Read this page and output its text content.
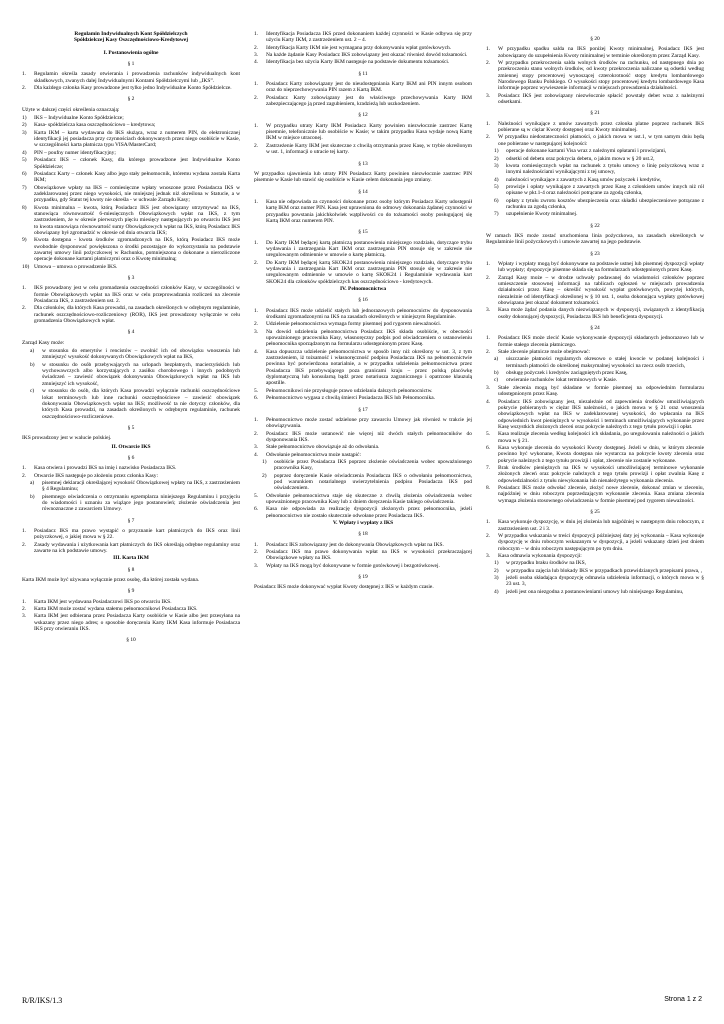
Regulamin Indywidualnych Kont Spółdzielczych
Spółdzielczej Kasy Oszczędnościowo-Kredytowej
I. Postanowienia ogólne
§ 1
1. Regulamin określa zasady otwierania i prowadzenia rachunków indywidualnych kont składkowych, zwanych dalej Indywidualnymi Kontami Spółdzielczymi lub „IKS”.
2. Dla każdego członka Kasy prowadzone jest tylko jedno Indywidualne Konto Spółdzielcze.
§ 2
Użyte w dalszej części określenia oznaczają:
1) IKS – Indywidualne Konto Spółdzielcze;
2) Kasa- spółdzielcza kasa oszczędnościowo – kredytowa;
3) Karta IKM – karta wydawana do IKS służąca, wraz z numerem PIN, do elektronicznej identyfikacji jej posiadacza przy czynnościach dokonywanych przez niego osobiście w Kasie, w szczególności karta płatnicza typu VISA/MasterCard;
4) PIN – poufny numer identyfikacyjny;
5) Posiadacz IKS – członek Kasy, dla którego prowadzone jest Indywidualne Konto Spółdzielcze;
6) Posiadacz Karty – członek Kasy albo jego stały pełnomocnik, któremu wydana została Karta IKM;
7) Obowiązkowe wpłaty na IKS – comiesięczne wpłaty wnoszone przez Posiadacza IKS w zadeklarowanej przez niego wysokości, nie mniejszej jednak niż określona w Statucie, a w przypadku, gdy Statut tej kwoty nie określa - w uchwale Zarządu Kasy;
8) Kwota minimalna – kwota, którą Posiadacz IKS jest obowiązany utrzymywać na IKS, stanowiąca równowartość 6-miesięcznych Obowiązkowych wpłat na IKS, z tym zastrzeżeniem, że w okresie pierwszych pięciu miesięcy następujących po otwarciu IKS jest to kwota stanowiąca równowartość sumy Obowiązkowych wpłat na IKS, którą Posiadacz IKS obowiązany był zgromadzić w okresie od dnia otwarcia IKS;
9) Kwota dostępna - kwota środków zgromadzonych na IKS, którą Posiadacz IKS może swobodnie dysponować powiększona o środki pozostające do wykorzystania na podstawie zawartej umowy linii pożyczkowej w Rachunku, pomniejszona o dokonane a nierozliczone operacje dokonane kartami płatniczymi oraz o Kwotę minimalną;
10) Umowa – umowa o prowadzenie IKS.
§ 3
1. IKS prowadzony jest w celu gromadzenia oszczędności członków Kasy, w szczególności w formie Obowiązkowych wpłat na IKS oraz w celu przeprowadzania rozliczeń na zlecenie Posiadacza IKS, z zastrzeżeniem ust. 2.
2. Dla członków, dla których Kasa prowadzi, na zasadach określonych w odrębnym regulaminie, rachunek oszczędnościowo-rozliczeniowy (ROR), IKS jest prowadzony wyłącznie w celu gromadzenia Obowiązkowych wpłat.
§ 4
Zarząd Kasy może:
a) w stosunku do emerytów i rencistów – zwolnić ich od obowiązku wnoszenia lub zmniejszyć wysokość dokonywanych Obowiązkowych wpłat na IKS,
b) w stosunku do osób przebywających na urlopach bezpłatnych, macierzyńskich lub wychowawczych albo korzystających z zasiłku chorobowego i innych podobnych świadczeń – zawiesić obowiązek dokonywania Obowiązkowych wpłat na IKS lub zmniejszyć ich wysokość,
c) w stosunku do osób, dla których Kasa prowadzi wyłącznie rachunki oszczędnościowe lokat terminowych lub inne rachunki oszczędnościowe – zawiesić obowiązek dokonywania Obowiązkowych wpłat na IKS; możliwość ta nie dotyczy członków, dla których Kasa prowadzi, na zasadach określonych w odrębnym regulaminie, rachunek oszczędnościowo-rozliczeniowe.
§ 5
IKS prowadzony jest w walucie polskiej.
II. Otwarcie IKS
§ 6
1. Kasa otwiera i prowadzi IKS na imię i nazwisko Posiadacza IKS.
2. Otwarcie IKS następuje po złożeniu przez członka Kasy:
a) pisemnej deklaracji określającej wysokość Obowiązkowej wpłaty na IKS, z zastrzeżeniem § 4 Regulaminu;
b) pisemnego oświadczenia o otrzymaniu egzemplarza niniejszego Regulaminu i przyjęciu do wiadomości i uznaniu za wiążące jego postanowień; złożenie oświadczenia jest równoznaczne z zawarciem Umowy.
§ 7
1. Posiadacz IKS ma prawo wystąpić o przyznanie kart płatniczych do IKS oraz linii pożyczkowej, o jakiej mowa w § 22.
2. Zasady wydawania i użytkowania kart płatniczych do IKS określają odrębne regulaminy oraz zawarte na ich podstawie umowy.
III. Karta IKM
§ 8
Karta IKM może być używana wyłącznie przez osobę, dla której została wydana.
§ 9
1. Karta IKM jest wydawana Posiadaczowi IKS po otwarciu IKS.
2. Karta IKM może zostać wydana stałemu pełnomocnikowi Posiadacza IKS.
3. Karta IKM jest odbierana przez Posiadacza Karty osobiście w Kasie albo jest przesyłana na wskazany przez niego adres; o sposobie doręczenia Karty IKM Kasa informuje Posiadacza IKS przy otwieraniu IKS.
§ 10
1. Identyfikacja Posiadacza IKS przed dokonaniem każdej czynności w Kasie odbywa się przy użyciu Karty IKM, z zastrzeżeniem ust. 2 – 4.
2. Identyfikacja Karty IKM nie jest wymagana przy dokonywaniu wpłat gotówkowych.
3. Na każde żądanie Kasy Posiadacz IKS zobowiązany jest okazać również dowód tożsamości.
4. Identyfikacja bez użycia Karty IKM następuje na podstawie dokumentu tożsamości.
§ 11
1. Posiadacz Karty zobowiązany jest do nieudostępniania Karty IKM ani PIN innym osobom oraz do nieprzechowywania PIN razem z Kartą IKM.
2. Posiadacz Karty zobowiązany jest do właściwego przechowywania Karty IKM zabezpieczającego ją przed zagubieniem, kradzieżą lub uszkodzeniem.
§ 12
1. W przypadku utraty Karty IKM Posiadacz Karty powinien niezwłocznie zastrzec Kartę pisemnie, telefonicznie lub osobiście w Kasie; w takim przypadku Kasa wydaje nową Kartę IKM w miejsce utraconej.
2. Zastrzeżenie Karty IKM jest skuteczne z chwilą otrzymania przez Kasę, w trybie określonym w ust. 1, informacji o utracie tej karty.
§ 13
W przypadku ujawnienia lub utraty PIN Posiadacz Karty powinien niezwłocznie zastrzec PIN pisemnie w Kasie lub stawić się osobiście w Kasie celem dokonania jego zmiany.
§ 14
1. Kasa nie odpowiada za czynności dokonane przez osoby którym Posiadacz Karty udostępnił kartę IKM oraz numer PIN. Kasa jest uprawniona do odmowy dokonania żądanej czynności w przypadku powstania jakichkolwiek wątpliwości co do tożsamości osoby posługującej się Kartą IKM oraz numerem PIN.
§ 15
1. Do Karty IKM będącej kartą płatniczą postanowienia niniejszego rozdziału, dotyczące trybu wydawania i zastrzegania Kart IKM oraz zastrzegania PIN stosuje się w zakresie nie uregulowanym odmiennie w umowie o kartę płatniczą.
2. Do Karty IKM będącej kartą SKOK24 postanowienia niniejszego rozdziału, dotyczące trybu wydawania i zastrzegania Kart IKM oraz zastrzegania PIN stosuje się w zakresie nie uregulowanym odmiennie w umowie o kartę SKOK24 i Regulaminie wydawania kart SKOK24 dla członków spółdzielczych kas oszczędnościowo - kredytowych.
IV. Pełnomocnictwa
§ 16
1. Posiadacz IKS może udzielić stałych lub jednorazowych pełnomocnictw do dysponowania środkami zgromadzonymi na IKS na zasadach określonych w niniejszym Regulaminie.
2. Udzielenie pełnomocnictwa wymaga formy pisemnej pod rygorem nieważności.
3. Na dowód udzielenia pełnomocnictwa Posiadacz IKS składa osobiście, w obecności upoważnionego pracownika Kasy, własnoręczny podpis pod oświadczeniem o ustanowieniu pełnomocnika sporządzonym na formularzu udostępnionym przez Kasę.
4. Kasa dopuszcza udzielenie pełnomocnictwa w sposób inny niż określony w ust. 3, z tym zastrzeżeniem, iż tożsamość i własnoręczność podpisu Posiadacza IKS na pełnomocnictwie powinna być potwierdzona notarialnie, a w przypadku udzielenia pełnomocnictwa przez Posiadacza IKS przebywającego poza granicami kraju – przez polską placówkę dyplomatyczną lub konsularną bądź przez notariusza zagranicznego i opatrzone klauzulą apostille.
5. Pełnomocnikowi nie przysługuje prawo udzielania dalszych pełnomocnictw.
6. Pełnomocnictwo wygasa z chwilą śmierci Posiadacza IKS lub Pełnomocnika.
§ 17
1. Pełnomocnictwo może zostać udzielone przy zawarciu Umowy jak również w trakcie jej obowiązywania.
2. Posiadacz IKS może ustanowić nie więcej niż dwóch stałych pełnomocników do dysponowania IKS.
3. Stałe pełnomocnictwo obowiązuje aż do odwołania.
4. Odwołanie pełnomocnictwa może nastąpić:
1) osobiście przez Posiadacza IKS poprzez złożenie oświadczenia wobec upoważnionego pracownika Kasy,
2) poprzez doręczenie Kasie oświadczenia Posiadacza IKS o odwołaniu pełnomocnictwa, pod warunkiem notarialnego uwierzytelnienia podpisu Posiadacza IKS pod oświadczeniem.
5. Odwołanie pełnomocnictwa staje się skuteczne z chwilą złożenia oświadczenia wobec upoważnionego pracownika Kasy lub z dniem doręczenia Kasie takiego oświadczenia.
6. Kasa nie odpowiada za realizację dyspozycji złożonych przez pełnomocnika, jeżeli pełnomocnictwo nie zostało skutecznie odwołane przez Posiadacza IKS.
V. Wpłaty i wypłaty z IKS
§ 18
1. Posiadacz IKS zobowiązany jest do dokonywania Obowiązkowych wpłat na IKS.
2. Posiadacz IKS ma prawo dokonywania wpłat na IKS w wysokości przekraczającej Obowiązkowe wpłaty na IKS.
3. Wpłaty na IKS mogą być dokonywane w formie gotówkowej i bezgotówkowej.
§ 19
Posiadacz IKS może dokonywać wypłat Kwoty dostępnej z IKS w każdym czasie.
§ 20
1. W przypadku spadku salda na IKS poniżej Kwoty minimalnej, Posiadacz IKS jest zobowiązany do uzupełnienia Kwoty minimalnej w terminie określonym przez Zarząd Kasy.
2. W przypadku przekroczenia salda wolnych środków na rachunku, od następnego dnia po przekroczeniu stanu wolnych środków, od kwoty przekroczenia naliczane są odsetki według zmiennej stopy procentowej wynoszącej czterokrotność stopy kredytu lombardowego Narodowego Banku Polskiego. O wysokości stopy procentowej kredytu lombardowego Kasa informuje poprzez wywieszenie informacji w miejscach prowadzenia działalności.
3. Posiadacz IKS jest zobowiązany niezwłocznie spłacić powstały debet wraz z należnymi odsetkami.
§ 21
1. Należności wynikające z umów zawartych przez członka platne poprzez rachunek IKS pobierane są w ciężar Kwoty dostępnej oraz Kwoty minimalnej.
2. W przypadku niedostateczności płatności, o jakich mowa w ust.1, w tym samym dniu będą one pobierane w następującej kolejności:
1) operacje dokonane kartami Visa wraz z należnymi opłatami i prowizjami,
2) odsetki od debetu oraz pokrycia debetu, o jakim mowa w § 20 ust.2,
3) kwota comiesięcznych wpłat na rachunek z tytułu umowy o linię pożyczkową wraz z innymi należnościami wynikającymi z tej umowy,
4) należności wynikające z zawartych z Kasą umów pożyczek i kredytów,
5) prowizje i opłaty wynikające z zawartych przez Kasę z członkiem umów innych niż ról opisane w pkt.1-4 oraz należności potrącane za zgodą członka,
6) opłaty z tytułu zwrotu kosztów ubezpieczenia oraz składki ubezpieczeniowe potrącane z rachunku za zgodą członka,
7) uzupełnienie Kwoty minimalnej.
§ 22
W ramach IKS może zostać uruchomiona linia pożyczkowa, na zasadach określonych w Regulaminie linii pożyczkowych i umowie zawartej na jego podstawie.
§ 23
1. Wpłaty i wypłaty mogą być dokonywane na podstawie ustnej lub pisemnej dyspozycji wpłaty lub wypłaty; dyspozycje pisemne składa się na formularzach udostępnionych przez Kasę.
2. Zarząd Kasy może – w drodze uchwały podawanej do wiadomości członków poprzez umieszczenie stosownej informacji na tablicach ogłoszeń w miejscach prowadzenia działalności przez Kasę – określić wysokość wypłat gotówkowych, powyżej których, niezależnie od identyfikacji określonej w § 10 ust. 1, osoba dokonująca wypłaty gotówkowej obowiązana jest okazać dokument tożsamości.
3. Kasa może żądać podania danych niezwiązanych w dyspozycji, związanych z identyfikacją osoby dokonującej dyspozycji, Posiadacza IKS lub beneficjenta dyspozycji.
§ 24
1. Posiadacz IKS może zlecić Kasie wykonywanie dyspozycji składanych jednorazowo lub w formie stałego zlecenia płatniczego.
2. Stałe zlecenie płatnicze może obejmować:
a) uiszczanie płatności regularnych okresowo o stałej kwocie w podanej kolejności i terminach płatności do określonej maksymalnej wysokości na rzecz osób trzecich,
b) obsługę pożyczek i kredytów zaciągniętych przez Kasę,
c) otwieranie rachunków lokat terminowych w Kasie.
3. Stałe zlecenia mogą być składane w formie pisemnej na odpowiednim formularzu udostępnionym przez Kasę.
4. Posiadacz IKS zobowiązany jest, niezależnie od zapewnienia środków umożliwiających pokrycie pobieranych w ciężar IKS należności, o jakich mowa w § 21 oraz wnoszenia obowiązkowych wpłat na IKS w zadeklarowanej wysokości, do wpłacania na IKS odpowiednich kwot pieniężnych w wysokości i terminach umożliwiających wykonanie przez Kasę wszystkich złożonych zleceń oraz pokrycie należnych z tego tytułu prowizji i opłat.
5. Kasa realizuje zlecenia według kolejności ich składania, po uregulowaniu należności o jakich mowa w § 21.
6. Kasa wykonuje zlecenia do wysokości Kwoty dostępnej. Jeżeli w dniu, w którym zlecenie powinno być wykonane, Kwota dostępna nie wystarcza na pokrycie kwoty zlecenia oraz pokrycie należnych z tego tytułu prowizji i opłat, zlecenie nie zostanie wykonane.
7. Brak środków pieniężnych na IKS w wysokości umożliwiającej terminowe wykonanie złożonych zleceń oraz pokrycie należnych z tego tytułu prowizji i opłat zwalnia Kasę z odpowiedzialności z tytułu niewykonania lub nienależytego wykonania zlecenia.
8. Posiadacz IKS może odwołać zlecenie, złożyć nowe zlecenie, dokonać zmian w zleceniu, najpóźniej w dniu roboczym poprzedzającym wykonanie zlecenia. Kasa zmiana zlecenia wymaga złożenia stosownego oświadczenia w formie pisemnej pod rygorem nieważności.
§ 25
1. Kasa wykonuje dyspozycję, w dniu jej złożenia lub najpóźniej w następnym dniu roboczym, z zastrzeżeniem ust. 2 i 3.
2. W przypadku wskazania w treści dyspozycji późniejszej daty jej wykonania – Kasa wykonuje dyspozycję w dniu roboczym wskazanym w dyspozycji, a jeżeli wskazany dzień jest dniem roboczym – w dniu roboczym następującym po tym dniu.
3. Kasa odmawia wykonania dyspozycji:
1) w przypadku braku środków na IKS,
2) w przypadku zajęcia lub blokady IKS w przypadkach przewidzianych przepisami prawa, ,
3) jeżeli osoba składająca dyspozycję odmawia udzielenia informacji, o których mowa w § 23 ust. 3,
4) jeżeli jest ona niezgodna z postanowieniami umowy lub niniejszego Regulaminu,
R/R/IKS/1.3	Strona 1 z 2
